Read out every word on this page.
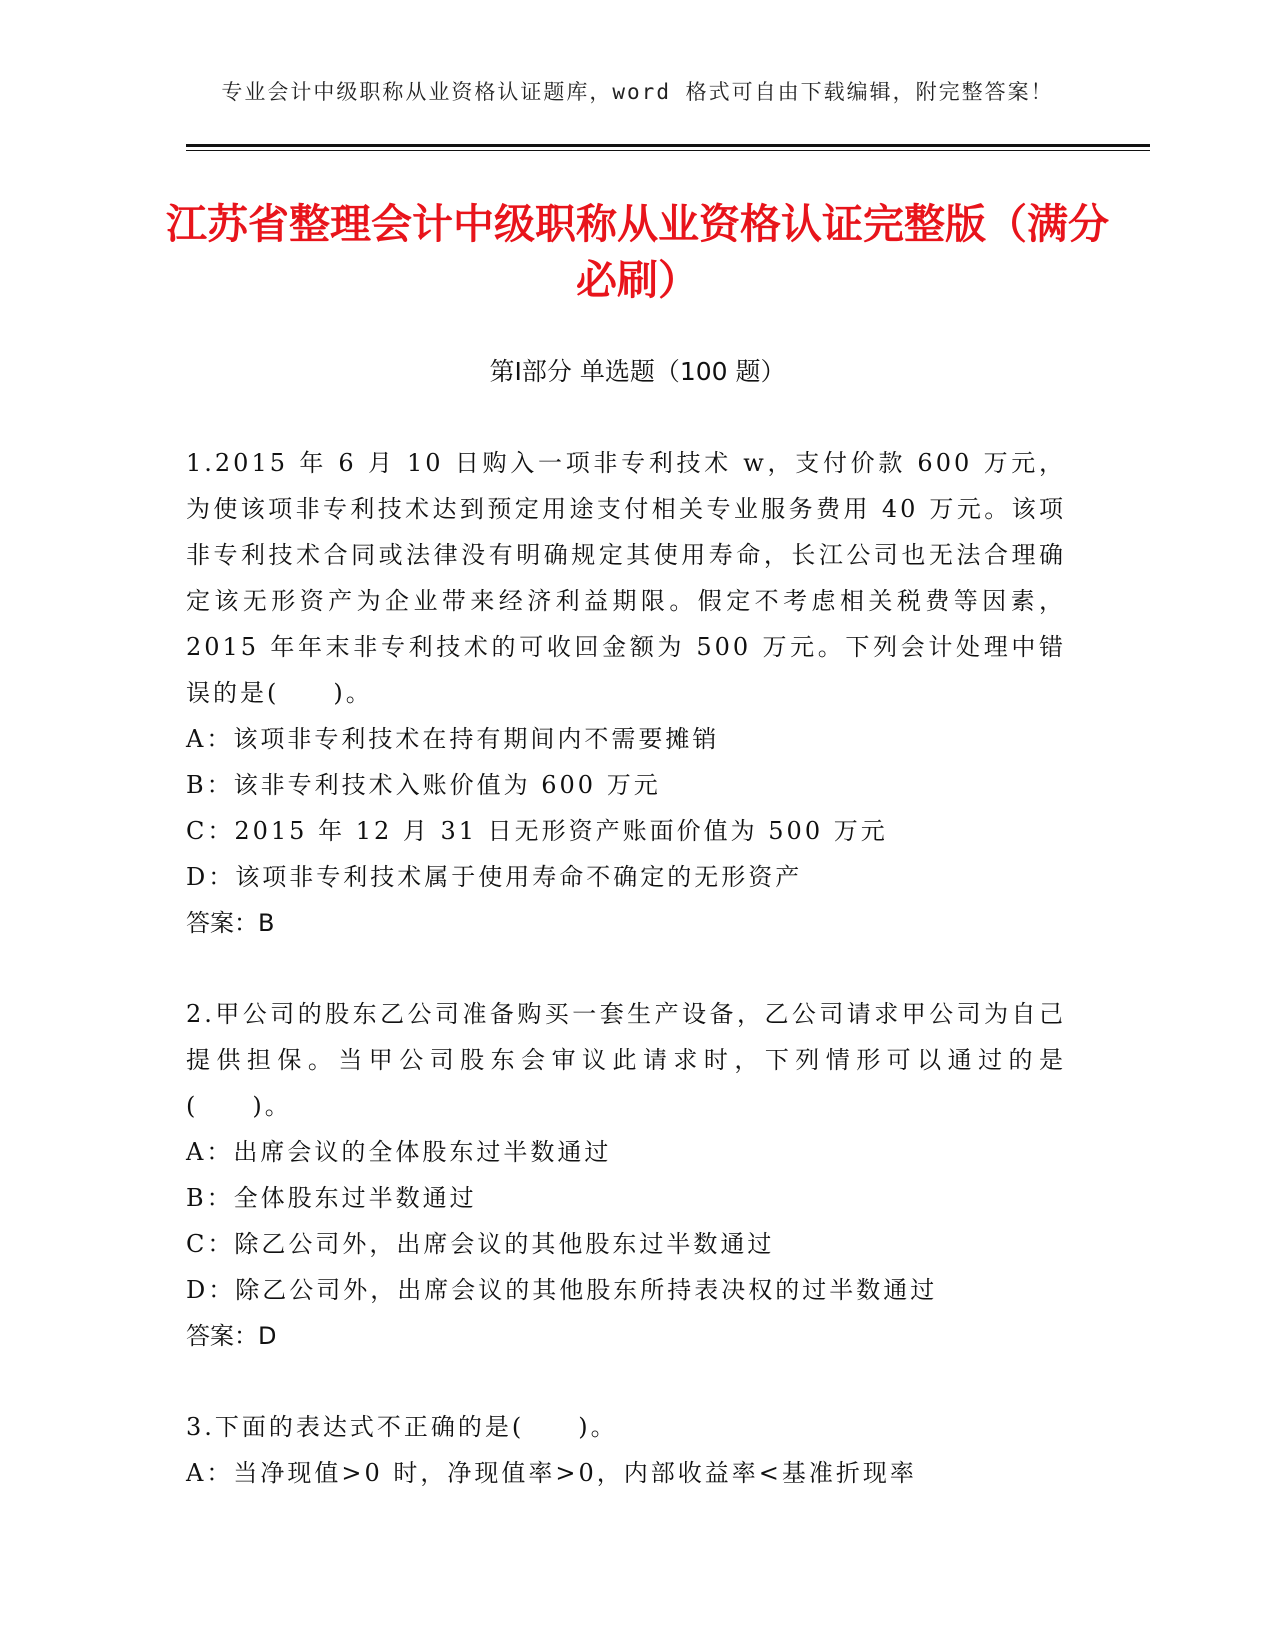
专业会计中级职称从业资格认证题库，word 格式可自由下载编辑，附完整答案！
江苏省整理会计中级职称从业资格认证完整版（满分必刷）
第Ⅰ部分 单选题（100 题）

1.2015 年 6 月 10 日购入一项非专利技术 w，支付价款 600 万元，为使该项非专利技术达到预定用途支付相关专业服务费用 40 万元。该项非专利技术合同或法律没有明确规定其使用寿命，长江公司也无法合理确定该无形资产为企业带来经济利益期限。假定不考虑相关税费等因素，2015 年年末非专利技术的可收回金额为 500 万元。下列会计处理中错误的是(　　)。

A：该项非专利技术在持有期间内不需要摊销

B：该非专利技术入账价值为 600 万元

C：2015 年 12 月 31 日无形资产账面价值为 500 万元

D：该项非专利技术属于使用寿命不确定的无形资产

答案：B

2.甲公司的股东乙公司准备购买一套生产设备，乙公司请求甲公司为自己提供担保。当甲公司股东会审议此请求时，下列情形可以通过的是(　　)。

A：出席会议的全体股东过半数通过

B：全体股东过半数通过

C：除乙公司外，出席会议的其他股东过半数通过

D：除乙公司外，出席会议的其他股东所持表决权的过半数通过

答案：D

3.下面的表达式不正确的是(　　)。

A：当净现值>0 时，净现值率>0，内部收益率<基准折现率
